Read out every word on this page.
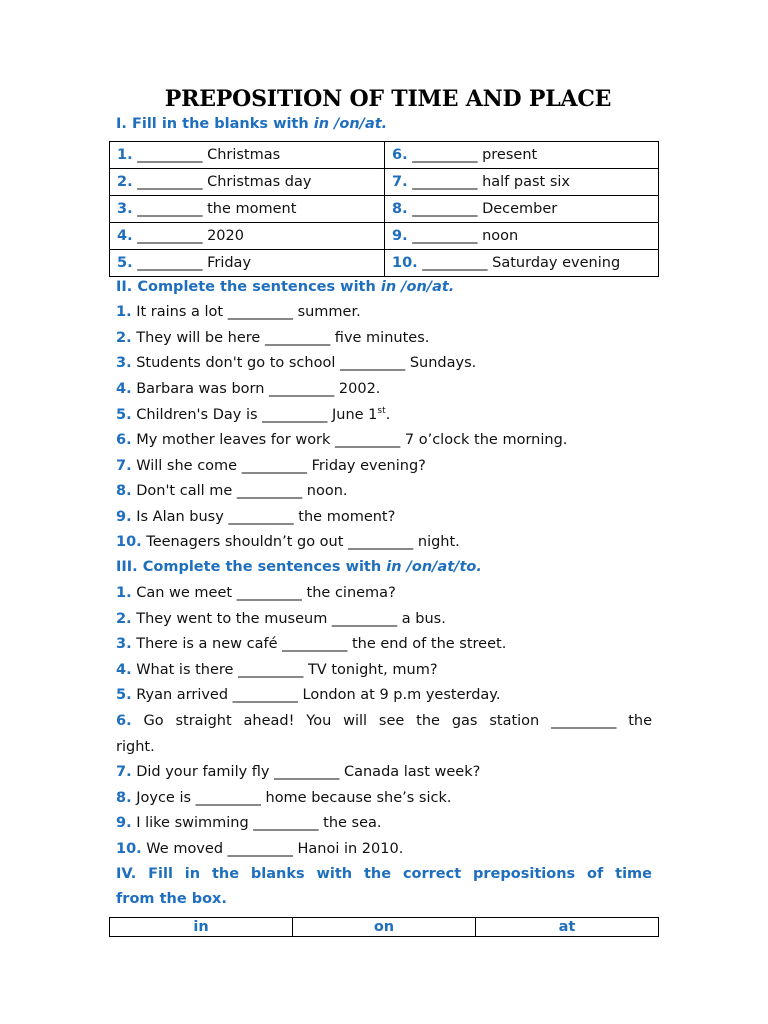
PREPOSITION OF TIME AND PLACE
I. Fill in the blanks with in /on/at.
1. _________ Christmas	6. _________ present
2. _________ Christmas day	7. _________ half past six
3. _________ the moment	8. _________ December
4. _________ 2020	9. _________ noon
5. _________ Friday	10. _________ Saturday evening
II. Complete the sentences with in /on/at.
1. It rains a lot _________ summer.
2. They will be here _________ five minutes.
3. Students don't go to school _________ Sundays.
4. Barbara was born _________ 2002.
5. Children's Day is _________ June 1st.
6. My mother leaves for work _________ 7 o’clock the morning.
7. Will she come _________ Friday evening?
8. Don't call me _________ noon.
9. Is Alan busy _________ the moment?
10. Teenagers shouldn’t go out _________ night.
III. Complete the sentences with in /on/at/to.
1. Can we meet _________ the cinema?
2. They went to the museum _________ a bus.
3. There is a new café _________ the end of the street.
4. What is there _________ TV tonight, mum?
5. Ryan arrived _________ London at 9 p.m yesterday.
6. Go straight ahead! You will see the gas station _________ the
right.
7. Did your family fly _________ Canada last week?
8. Joyce is _________ home because she’s sick.
9. I like swimming _________ the sea.
10. We moved _________ Hanoi in 2010.
IV. Fill in the blanks with the correct prepositions of time
from the box.
in	on	at
